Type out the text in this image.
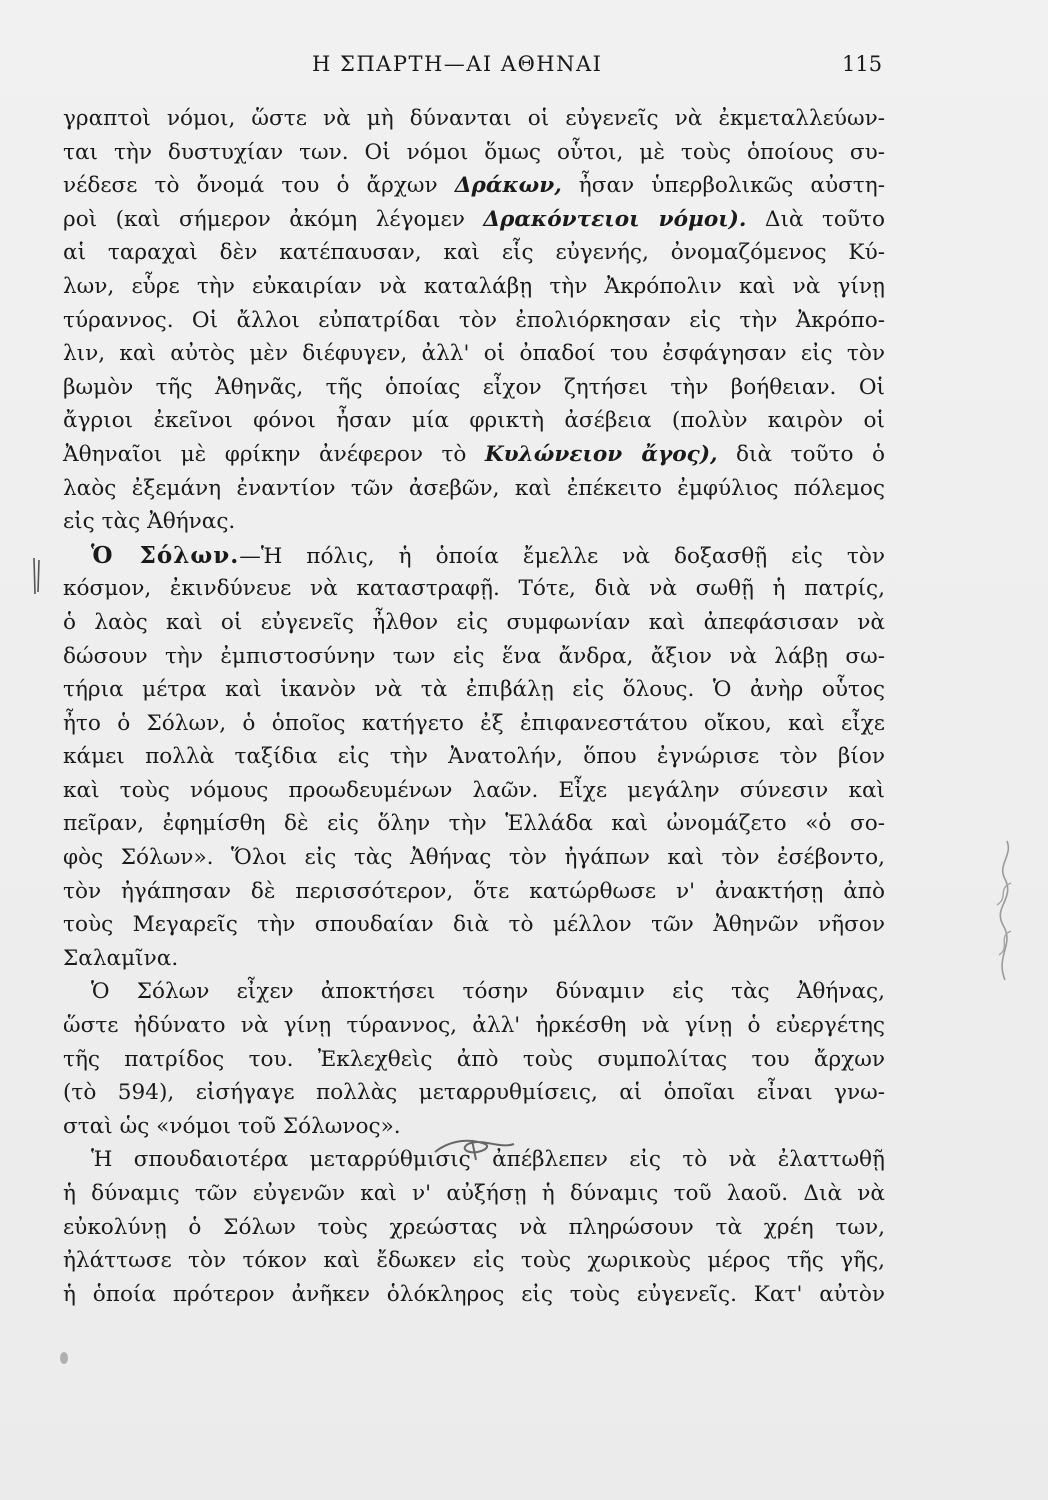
Η ΣΠΑΡΤΗ—ΑΙ ΑΘΗΝΑΙ	115
γραπτοὶ νόμοι, ὥστε νὰ μὴ δύνανται οἱ εὐγενεῖς νὰ ἐκμεταλλεύων-
ται τὴν δυστυχίαν των. Οἱ νόμοι ὅμως οὗτοι, μὲ τοὺς ὁποίους συ-
νέδεσε τὸ ὄνομά του ὁ ἄρχων Δράκων, ἦσαν ὑπερβολικῶς αὐστη-
ροὶ (καὶ σήμερον ἀκόμη λέγομεν Δρακόντειοι νόμοι). Διὰ τοῦτο
αἱ ταραχαὶ δὲν κατέπαυσαν, καὶ εἷς εὐγενής, ὀνομαζόμενος Κύ-
λων, εὗρε τὴν εὐκαιρίαν νὰ καταλάβῃ τὴν Ἀκρόπολιν καὶ νὰ γίνῃ
τύραννος. Οἱ ἄλλοι εὐπατρίδαι τὸν ἐπολιόρκησαν εἰς τὴν Ἀκρόπο-
λιν, καὶ αὐτὸς μὲν διέφυγεν, ἀλλ' οἱ ὀπαδοί του ἐσφάγησαν εἰς τὸν
βωμὸν τῆς Ἀθηνᾶς, τῆς ὁποίας εἶχον ζητήσει τὴν βοήθειαν. Οἱ
ἄγριοι ἐκεῖνοι φόνοι ἦσαν μία φρικτὴ ἀσέβεια (πολὺν καιρὸν οἱ
Ἀθηναῖοι μὲ φρίκην ἀνέφερον τὸ Κυλώνειον ἄγος), διὰ τοῦτο ὁ
λαὸς ἐξεμάνη ἐναντίον τῶν ἀσεβῶν, καὶ ἐπέκειτο ἐμφύλιος πόλεμος
εἰς τὰς Ἀθήνας.
Ὁ Σόλων.—Ἡ πόλις, ἡ ὁποία ἔμελλε νὰ δοξασθῇ εἰς τὸν
κόσμον, ἐκινδύνευε νὰ καταστραφῇ. Τότε, διὰ νὰ σωθῇ ἡ πατρίς,
ὁ λαὸς καὶ οἱ εὐγενεῖς ἦλθον εἰς συμφωνίαν καὶ ἀπεφάσισαν νὰ
δώσουν τὴν ἐμπιστοσύνην των εἰς ἕνα ἄνδρα, ἄξιον νὰ λάβῃ σω-
τήρια μέτρα καὶ ἱκανὸν νὰ τὰ ἐπιβάλῃ εἰς ὅλους. Ὁ ἀνὴρ οὗτος
ἦτο ὁ Σόλων, ὁ ὁποῖος κατήγετο ἐξ ἐπιφανεστάτου οἴκου, καὶ εἶχε
κάμει πολλὰ ταξίδια εἰς τὴν Ἀνατολήν, ὅπου ἐγνώρισε τὸν βίον
καὶ τοὺς νόμους προωδευμένων λαῶν. Εἶχε μεγάλην σύνεσιν καὶ
πεῖραν, ἐφημίσθη δὲ εἰς ὅλην τὴν Ἑλλάδα καὶ ὠνομάζετο «ὁ σο-
φὸς Σόλων». Ὅλοι εἰς τὰς Ἀθήνας τὸν ἠγάπων καὶ τὸν ἐσέβοντο,
τὸν ἠγάπησαν δὲ περισσότερον, ὅτε κατώρθωσε ν' ἀνακτήσῃ ἀπὸ
τοὺς Μεγαρεῖς τὴν σπουδαίαν διὰ τὸ μέλλον τῶν Ἀθηνῶν νῆσον
Σαλαμῖνα.
Ὁ Σόλων εἶχεν ἀποκτήσει τόσην δύναμιν εἰς τὰς Ἀθήνας,
ὥστε ἠδύνατο νὰ γίνῃ τύραννος, ἀλλ' ἠρκέσθη νὰ γίνῃ ὁ εὐεργέτης
τῆς πατρίδος του. Ἐκλεχθεὶς ἀπὸ τοὺς συμπολίτας του ἄρχων
(τὸ 594), εἰσήγαγε πολλὰς μεταρρυθμίσεις, αἱ ὁποῖαι εἶναι γνω-
σταὶ ὡς «νόμοι τοῦ Σόλωνος».
Ἡ σπουδαιοτέρα μεταρρύθμισις ἀπέβλεπεν εἰς τὸ νὰ ἐλαττωθῇ
ἡ δύναμις τῶν εὐγενῶν καὶ ν' αὐξήσῃ ἡ δύναμις τοῦ λαοῦ. Διὰ νὰ
εὐκολύνῃ ὁ Σόλων τοὺς χρεώστας νὰ πληρώσουν τὰ χρέη των,
ἠλάττωσε τὸν τόκον καὶ ἔδωκεν εἰς τοὺς χωρικοὺς μέρος τῆς γῆς,
ἡ ὁποία πρότερον ἀνῆκεν ὁλόκληρος εἰς τοὺς εὐγενεῖς. Κατ' αὐτὸν
